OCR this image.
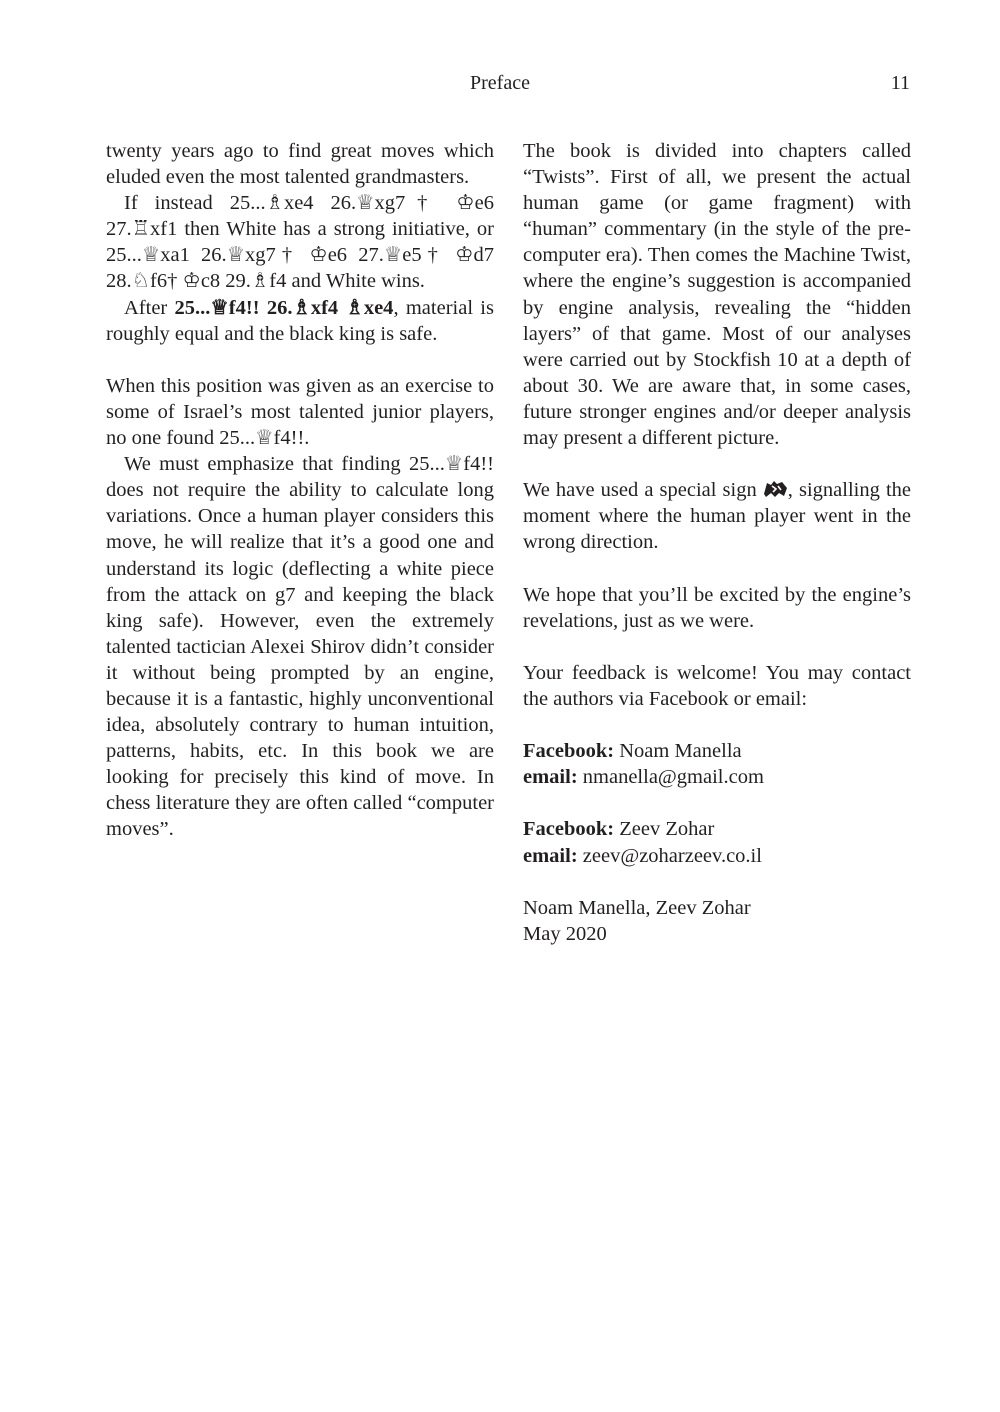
Preface	11

twenty years ago to find great moves which eluded even the most talented grandmasters.

If instead 25...♗xe4 26.♕xg7† ♔e6 27.♖xf1 then White has a strong initiative, or 25...♕xa1 26.♕xg7† ♔e6 27.♕e5† ♔d7 28.♘f6† ♔c8 29.♗f4 and White wins.

After 25...♕f4!! 26.♗xf4 ♗xe4, material is roughly equal and the black king is safe.

When this position was given as an exercise to some of Israel’s most talented junior players, no one found 25...♕f4!!.

We must emphasize that finding 25...♕f4!! does not require the ability to calculate long variations. Once a human player considers this move, he will realize that it’s a good one and understand its logic (deflecting a white piece from the attack on g7 and keeping the black king safe). However, even the extremely talented tactician Alexei Shirov didn’t consider it without being prompted by an engine, because it is a fantastic, highly unconventional idea, absolutely contrary to human intuition, patterns, habits, etc. In this book we are looking for precisely this kind of move. In chess literature they are often called “computer moves”.

The book is divided into chapters called “Twists”. First of all, we present the actual human game (or game fragment) with “human” commentary (in the style of the pre-computer era). Then comes the Machine Twist, where the engine’s suggestion is accompanied by engine analysis, revealing the “hidden layers” of that game. Most of our analyses were carried out by Stockfish 10 at a depth of about 30. We are aware that, in some cases, future stronger engines and/or deeper analysis may present a different picture.

We have used a special sign , signalling the moment where the human player went in the wrong direction.

We hope that you’ll be excited by the engine’s revelations, just as we were.

Your feedback is welcome! You may contact the authors via Facebook or email:

Facebook: Noam Manella

email: nmanella@gmail.com

Facebook: Zeev Zohar

email: zeev@zoharzeev.co.il

Noam Manella, Zeev Zohar

May 2020
